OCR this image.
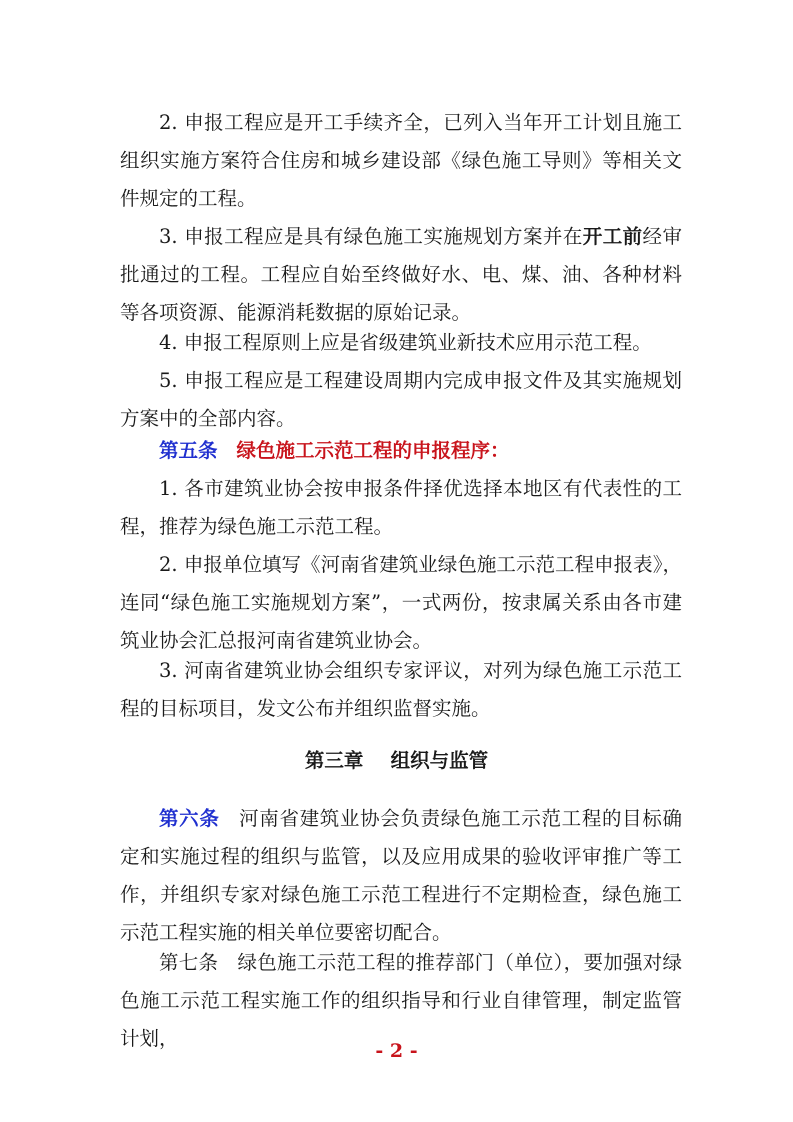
2. 申报工程应是开工手续齐全，已列入当年开工计划且施工组织实施方案符合住房和城乡建设部《绿色施工导则》等相关文件规定的工程。

3. 申报工程应是具有绿色施工实施规划方案并在开工前经审批通过的工程。工程应自始至终做好水、电、煤、油、各种材料等各项资源、能源消耗数据的原始记录。

4. 申报工程原则上应是省级建筑业新技术应用示范工程。

5. 申报工程应是工程建设周期内完成申报文件及其实施规划方案中的全部内容。

第五条 绿色施工示范工程的申报程序：

1. 各市建筑业协会按申报条件择优选择本地区有代表性的工程，推荐为绿色施工示范工程。

2. 申报单位填写《河南省建筑业绿色施工示范工程申报表》，连同“绿色施工实施规划方案”，一式两份，按隶属关系由各市建筑业协会汇总报河南省建筑业协会。

3. 河南省建筑业协会组织专家评议，对列为绿色施工示范工程的目标项目，发文公布并组织监督实施。

第三章    组织与监管

第六条 河南省建筑业协会负责绿色施工示范工程的目标确定和实施过程的组织与监管，以及应用成果的验收评审推广等工作，并组织专家对绿色施工示范工程进行不定期检查，绿色施工示范工程实施的相关单位要密切配合。

第七条 绿色施工示范工程的推荐部门（单位），要加强对绿色施工示范工程实施工作的组织指导和行业自律管理，制定监管计划，

- 2 -
